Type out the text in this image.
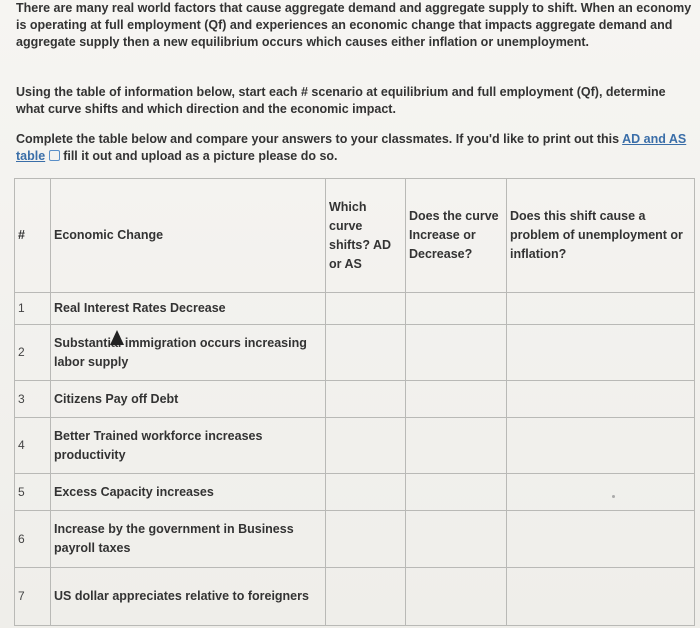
There are many real world factors that cause aggregate demand and aggregate supply to shift. When an economy is operating at full employment (Qf) and experiences an economic change that impacts aggregate demand and aggregate supply then a new equilibrium occurs which causes either inflation or unemployment.
Using the table of information below, start each # scenario at equilibrium and full employment (Qf), determine what curve shifts and which direction and the economic impact.
Complete the table below and compare your answers to your classmates. If you'd like to print out this AD and AS table fill it out and upload as a picture please do so.
#	Economic Change	Which curve shifts? AD or AS	Does the curve Increase or Decrease?	Does this shift cause a problem of unemployment or inflation?
1	Real Interest Rates Decrease			
2	Substantial immigration occurs increasing labor supply			
3	Citizens Pay off Debt			
4	Better Trained workforce increases productivity			
5	Excess Capacity increases			
6	Increase by the government in Business payroll taxes			
7	US dollar appreciates relative to foreigners			
